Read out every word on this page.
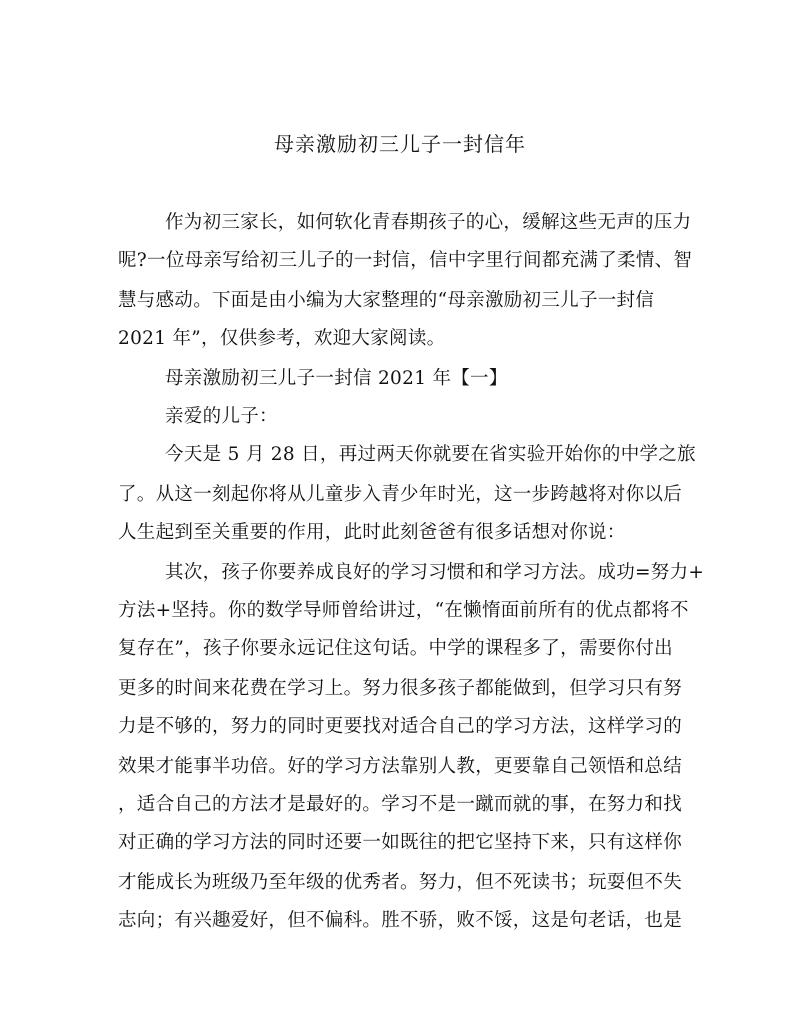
母亲激励初三儿子一封信年
作为初三家长，如何软化青春期孩子的心，缓解这些无声的压力
呢?一位母亲写给初三儿子的一封信，信中字里行间都充满了柔情、智
慧与感动。下面是由小编为大家整理的“母亲激励初三儿子一封信
2021 年”，仅供参考，欢迎大家阅读。
母亲激励初三儿子一封信 2021 年【一】
亲爱的儿子：
今天是 5 月 28 日，再过两天你就要在省实验开始你的中学之旅
了。从这一刻起你将从儿童步入青少年时光，这一步跨越将对你以后
人生起到至关重要的作用，此时此刻爸爸有很多话想对你说：
其次，孩子你要养成良好的学习习惯和和学习方法。成功=努力+
方法+坚持。你的数学导师曾给讲过，“在懒惰面前所有的优点都将不
复存在”，孩子你要永远记住这句话。中学的课程多了，需要你付出
更多的时间来花费在学习上。努力很多孩子都能做到，但学习只有努
力是不够的，努力的同时更要找对适合自己的学习方法，这样学习的
效果才能事半功倍。好的学习方法靠别人教，更要靠自己领悟和总结
，适合自己的方法才是最好的。学习不是一蹴而就的事，在努力和找
对正确的学习方法的同时还要一如既往的把它坚持下来，只有这样你
才能成长为班级乃至年级的优秀者。努力，但不死读书；玩耍但不失
志向；有兴趣爱好，但不偏科。胜不骄，败不馁，这是句老话，也是
